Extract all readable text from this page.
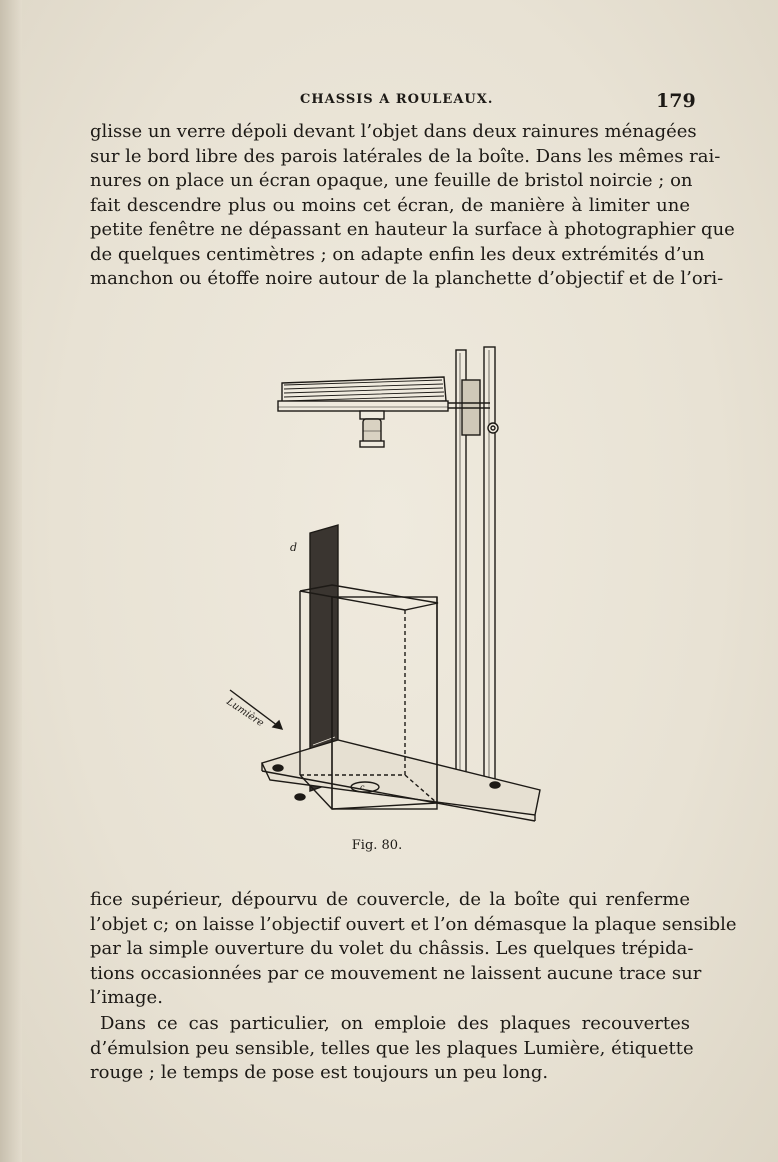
CHASSIS A ROULEAUX.	179
glisse un verre dépoli devant l’objet dans deux rainures ménagées
sur le bord libre des parois latérales de la boîte. Dans les mêmes rai-
nures on place un écran opaque, une feuille de bristol noircie ; on
fait descendre plus ou moins cet écran, de manière à limiter une
petite fenêtre ne dépassant en hauteur la surface à photographier que
de quelques centimètres ; on adapte enfin les deux extrémités d’un
manchon ou étoffe noire autour de la planchette d’objectif et de l’ori-
d
c
Lumière
Fig. 80.
fice supérieur, dépourvu de couvercle, de la boîte qui renferme
l’objet c; on laisse l’objectif ouvert et l’on démasque la plaque sensible
par la simple ouverture du volet du châssis. Les quelques trépida-
tions occasionnées par ce mouvement ne laissent aucune trace sur
l’image.
Dans ce cas particulier, on emploie des plaques recouvertes
d’émulsion peu sensible, telles que les plaques Lumière, étiquette
rouge ; le temps de pose est toujours un peu long.
